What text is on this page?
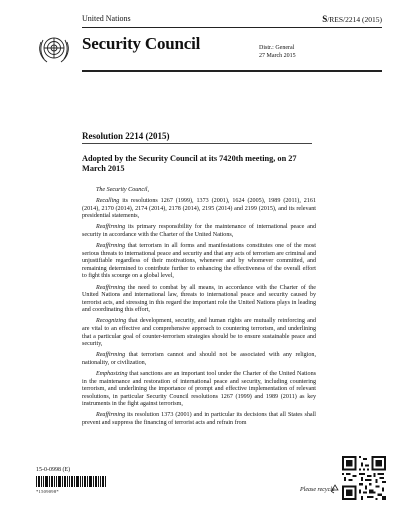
United Nations	S/RES/2214 (2015)
Security Council	Distr.: General
27 March 2015
Resolution 2214 (2015)
Adopted by the Security Council at its 7420th meeting, on 27 March 2015

The Security Council,

Recalling its resolutions 1267 (1999), 1373 (2001), 1624 (2005), 1989 (2011), 2161 (2014), 2170 (2014), 2174 (2014), 2178 (2014), 2195 (2014) and 2199 (2015), and its relevant presidential statements,

Reaffirming its primary responsibility for the maintenance of international peace and security in accordance with the Charter of the United Nations,

Reaffirming that terrorism in all forms and manifestations constitutes one of the most serious threats to international peace and security and that any acts of terrorism are criminal and unjustifiable regardless of their motivations, whenever and by whomever committed, and remaining determined to contribute further to enhancing the effectiveness of the overall effort to fight this scourge on a global level,

Reaffirming the need to combat by all means, in accordance with the Charter of the United Nations and international law, threats to international peace and security caused by terrorist acts, and stressing in this regard the important role the United Nations plays in leading and coordinating this effort,

Recognizing that development, security, and human rights are mutually reinforcing and are vital to an effective and comprehensive approach to countering terrorism, and underlining that a particular goal of counter-terrorism strategies should be to ensure sustainable peace and security,

Reaffirming that terrorism cannot and should not be associated with any religion, nationality, or civilization,

Emphasizing that sanctions are an important tool under the Charter of the United Nations in the maintenance and restoration of international peace and security, including countering terrorism, and underlining the importance of prompt and effective implementation of relevant resolutions, in particular Security Council resolutions 1267 (1999) and 1989 (2011) as key instruments in the fight against terrorism,

Reaffirming its resolution 1373 (2001) and in particular its decisions that all States shall prevent and suppress the financing of terrorist acts and refrain from

15-0-0998 (E)
*1509098*	Please recycle
